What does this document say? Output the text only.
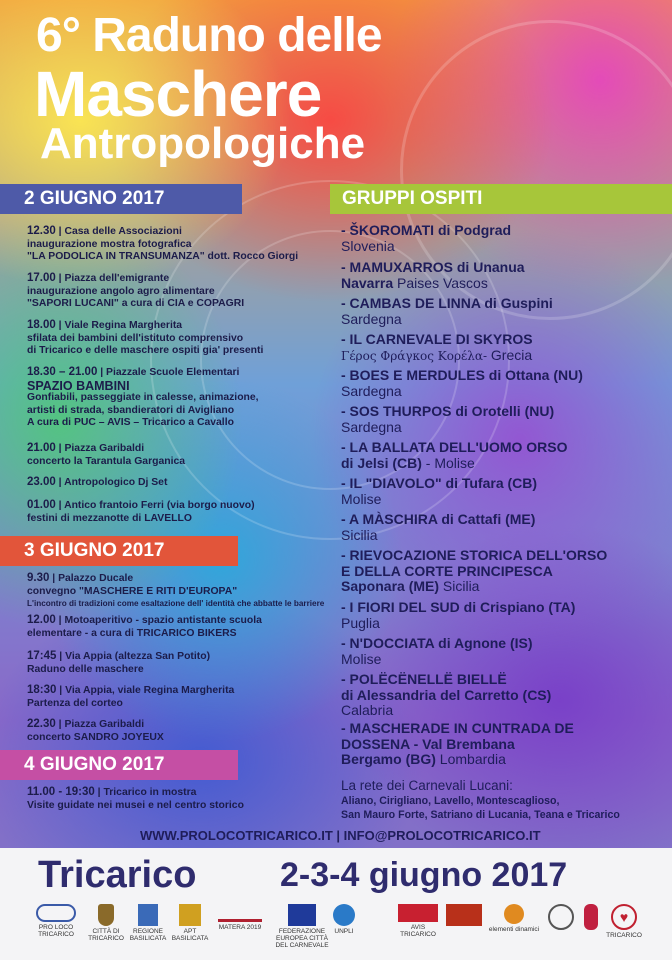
6° Raduno delle
Maschere
Antropologiche
2 GIUGNO 2017	GRUPPI OSPITI
3 GIUGNO 2017
4 GIUGNO 2017
12.30 | Casa delle Associazioni
inaugurazione mostra fotografica
"LA PODOLICA IN TRANSUMANZA" dott. Rocco Giorgi
17.00 | Piazza dell'emigrante
inaugurazione angolo agro alimentare
"SAPORI LUCANI" a cura di CIA e COPAGRI
18.00 | Viale Regina Margherita
sfilata dei bambini dell'istituto comprensivo
di Tricarico e delle maschere ospiti gia' presenti
18.30 – 21.00 | Piazzale Scuole Elementari
SPAZIO BAMBINI
Gonfiabili, passeggiate in calesse, animazione,
artisti di strada, sbandieratori di Avigliano
A cura di PUC – AVIS – Tricarico a Cavallo
21.00 | Piazza Garibaldi
concerto la Tarantula Garganica
23.00 | Antropologico Dj Set
01.00 | Antico frantoio Ferri (via borgo nuovo)
festini di mezzanotte di LAVELLO
9.30 | Palazzo Ducale
convegno "MASCHERE E RITI D'EUROPA"
L'incontro di tradizioni come esaltazione dell' identità che abbatte le barriere
12.00 | Motoaperitivo - spazio antistante scuola
elementare - a cura di TRICARICO BIKERS
17:45 | Via Appia (altezza San Potito)
Raduno delle maschere
18:30 | Via Appia, viale Regina Margherita
Partenza del corteo
22.30 | Piazza Garibaldi
concerto SANDRO JOYEUX
11.00 - 19:30 | Tricarico in mostra
Visite guidate nei musei e nel centro storico
- ŠKOROMATI di Podgrad
Slovenia
- MAMUXARROS di Unanua
Navarra Paises Vascos
- CAMBAS DE LINNA di Guspini
Sardegna
- IL CARNEVALE DI SKYROS
Γέρος Φράγκος Κορέλα- Grecia
- BOES E MERDULES di Ottana (NU)
Sardegna
- SOS THURPOS di Orotelli (NU)
Sardegna
- LA BALLATA DELL'UOMO ORSO
di Jelsi (CB) - Molise
- IL "DIAVOLO" di Tufara (CB)
Molise
- A MÀSCHIRA di Cattafi (ME)
Sicilia
- RIEVOCAZIONE STORICA DELL'ORSO
E DELLA CORTE PRINCIPESCA
Saponara (ME) Sicilia
- I FIORI DEL SUD di Crispiano (TA)
Puglia
- N'DOCCIATA di Agnone (IS)
Molise
- POLËCËNELLË BIELLË
di Alessandria del Carretto (CS)
Calabria
- MASCHERADE IN CUNTRADA DE
DOSSENA - Val Brembana
Bergamo (BG) Lombardia
La rete dei Carnevali Lucani:
Aliano, Cirigliano, Lavello, Montescaglioso,
San Mauro Forte, Satriano di Lucania, Teana e Tricarico
WWW.PROLOCOTRICARICO.IT | INFO@PROLOCOTRICARICO.IT
Tricarico 2-3-4 giugno 2017
PRO LOCO TRICARICO	CITTÀ DI TRICARICO
REGIONE BASILICATA
APT BASILICATA
MATERA 2019
FEDERAZIONE EUROPEA CITTÀ DEL CARNEVALE
UNPLI
AVIS TRICARICO
elementi dinamici
♥
TRICARICO
